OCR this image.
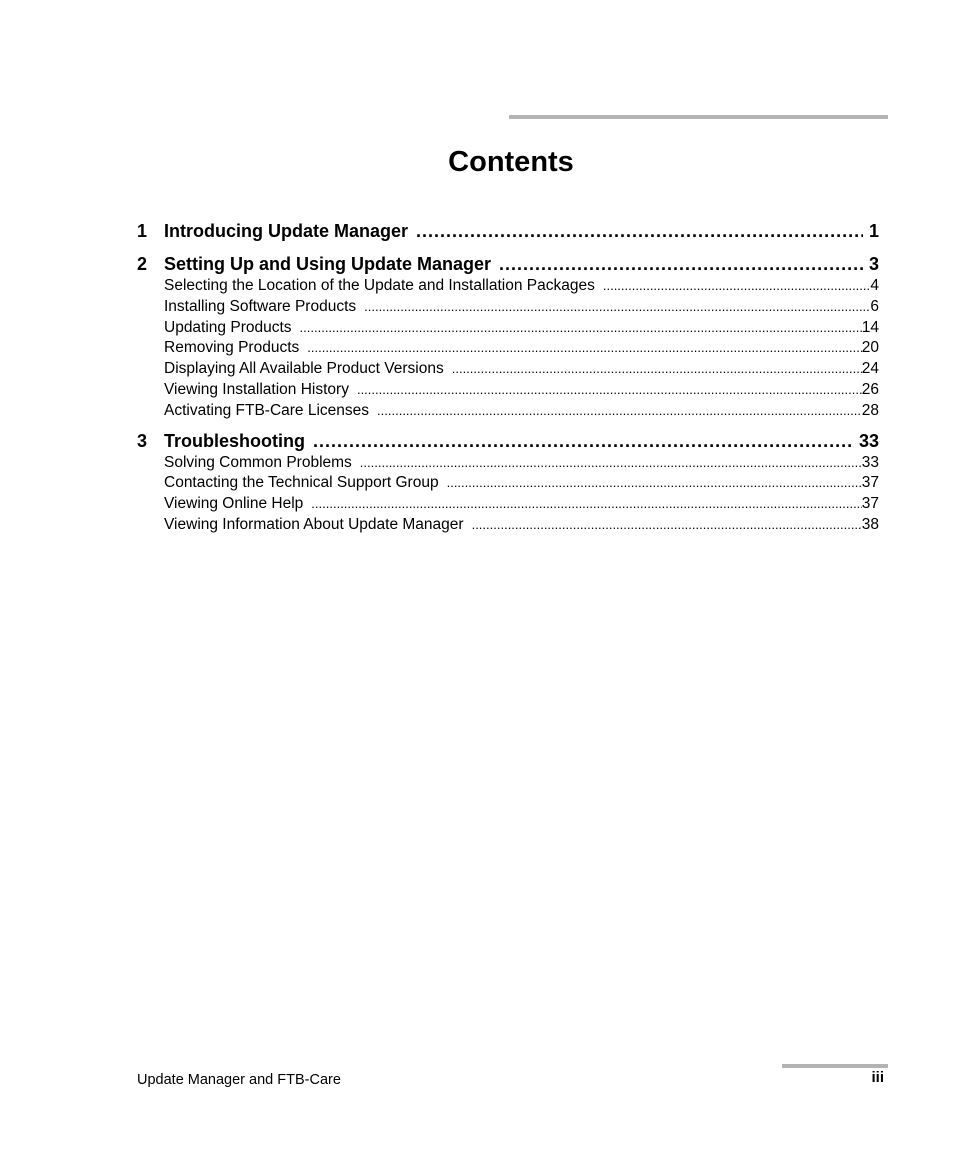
Contents
1 Introducing Update Manager .....	1
2 Setting Up and Using Update Manager .....	3
Selecting the Location of the Update and Installation Packages .....	4
Installing Software Products .....	6
Updating Products .....	14
Removing Products .....	20
Displaying All Available Product Versions .....	24
Viewing Installation History .....	26
Activating FTB-Care Licenses .....	28
3 Troubleshooting .....	33
Solving Common Problems .....	33
Contacting the Technical Support Group .....	37
Viewing Online Help .....	37
Viewing Information About Update Manager .....	38
Update Manager and FTB-Care	iii
